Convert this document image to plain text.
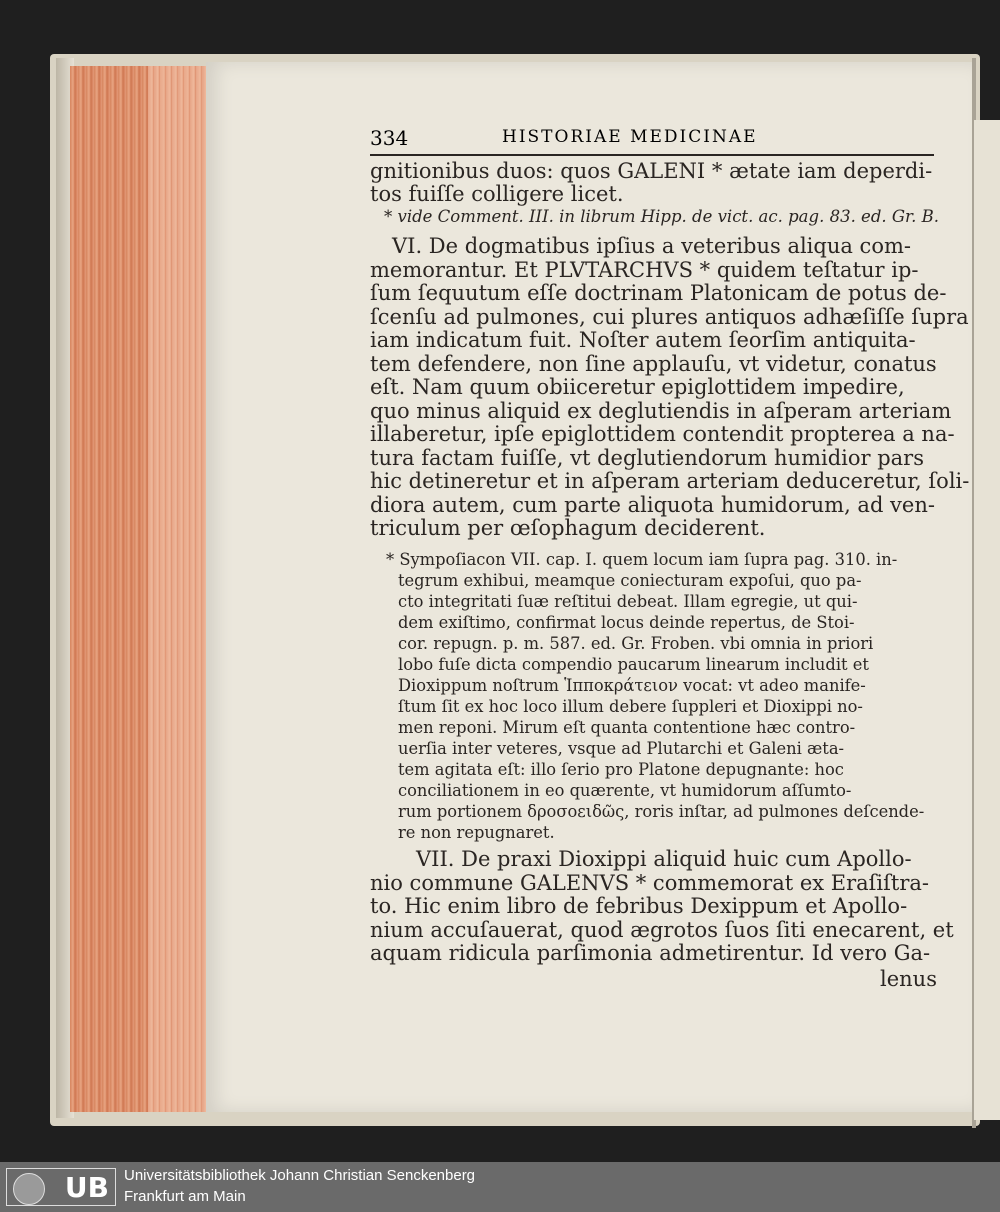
334	HISTORIAE MEDICINAE
gnitionibus duos: quos GALENI * ætate iam deperdi-
tos fuiſſe colligere licet.
* vide Comment. III. in librum Hipp. de vict. ac. pag. 83. ed. Gr. B.
VI. De dogmatibus ipſius a veteribus aliqua com-
memorantur. Et PLVTARCHVS * quidem teſtatur ip-
ſum ſequutum eſſe doctrinam Platonicam de potus de-
ſcenſu ad pulmones, cui plures antiquos adhæſiſſe ſupra
iam indicatum fuit. Noſter autem ſeorſim antiquita-
tem defendere, non ſine applauſu, vt videtur, conatus
eſt. Nam quum obiiceretur epiglottidem impedire,
quo minus aliquid ex deglutiendis in aſperam arteriam
illaberetur, ipſe epiglottidem contendit propterea a na-
tura factam fuiſſe, vt deglutiendorum humidior pars
hic detineretur et in aſperam arteriam deduceretur, ſoli-
diora autem, cum parte aliquota humidorum, ad ven-
triculum per œſophagum deciderent.
* Sympoſiacon VII. cap. I. quem locum iam ſupra pag. 310. in-
tegrum exhibui, meamque coniecturam expoſui, quo pa-
cto integritati ſuæ reſtitui debeat. Illam egregie, ut qui-
dem exiſtimo, confirmat locus deinde repertus, de Stoi-
cor. repugn. p. m. 587. ed. Gr. Froben. vbi omnia in priori
lobo fuſe dicta compendio paucarum linearum includit et
Dioxippum noſtrum Ἱπποκράτειον vocat: vt adeo manife-
ſtum ſit ex hoc loco illum debere ſuppleri et Dioxippi no-
men reponi. Mirum eſt quanta contentione hæc contro-
uerſia inter veteres, vsque ad Plutarchi et Galeni æta-
tem agitata eſt: illo ſerio pro Platone depugnante: hoc
conciliationem in eo quærente, vt humidorum aſſumto-
rum portionem δροσοειδῶς, roris inſtar, ad pulmones deſcende-
re non repugnaret.
VII. De praxi Dioxippi aliquid huic cum Apollo-
nio commune GALENVS * commemorat ex Eraſiſtra-
to. Hic enim libro de febribus Dexippum et Apollo-
nium accuſauerat, quod ægrotos ſuos ſiti enecarent, et
aquam ridicula parſimonia admetirentur. Id vero Ga-
lenus
UB Universitätsbibliothek Johann Christian Senckenberg
Frankfurt am Main
